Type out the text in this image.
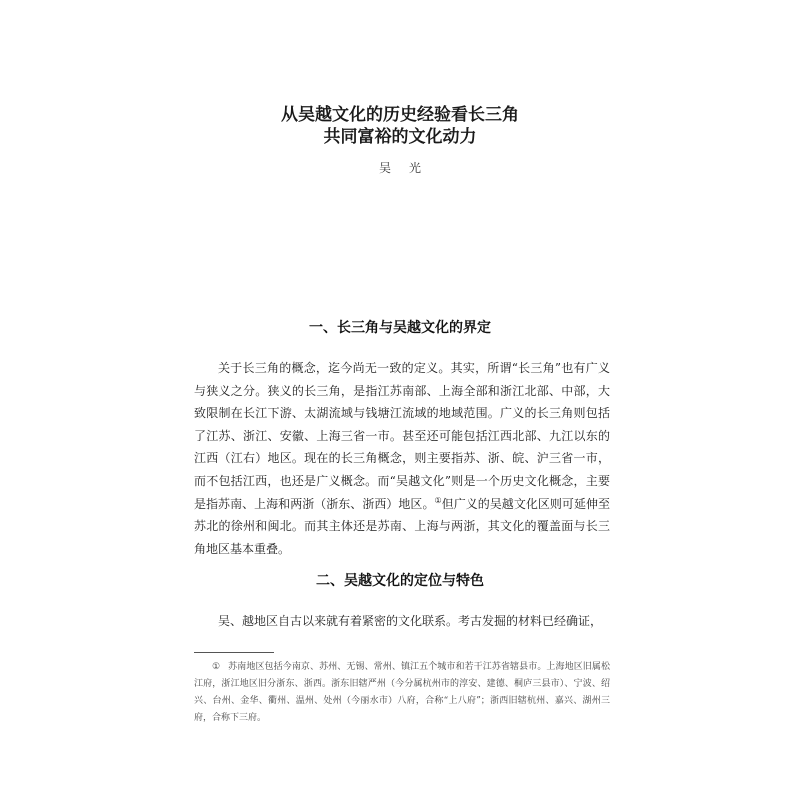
从吴越文化的历史经验看长三角
共同富裕的文化动力
吴光
一、长三角与吴越文化的界定

关于长三角的概念，迄今尚无一致的定义。其实，所谓“长三角”也有广义与狭义之分。狭义的长三角，是指江苏南部、上海全部和浙江北部、中部，大致限制在长江下游、太湖流域与钱塘江流域的地域范围。广义的长三角则包括了江苏、浙江、安徽、上海三省一市。甚至还可能包括江西北部、九江以东的江西（江右）地区。现在的长三角概念，则主要指苏、浙、皖、沪三省一市，而不包括江西，也还是广义概念。而“吴越文化”则是一个历史文化概念，主要是指苏南、上海和两浙（浙东、浙西）地区。①但广义的吴越文化区则可延伸至苏北的徐州和闽北。而其主体还是苏南、上海与两浙，其文化的覆盖面与长三角地区基本重叠。

二、吴越文化的定位与特色

吴、越地区自古以来就有着紧密的文化联系。考古发掘的材料已经确证，

① 苏南地区包括今南京、苏州、无锡、常州、镇江五个城市和若干江苏省辖县市。上海地区旧属松江府，浙江地区旧分浙东、浙西。浙东旧辖严州（今分属杭州市的淳安、建德、桐庐三县市）、宁波、绍兴、台州、金华、衢州、温州、处州（今丽水市）八府，合称“上八府”；浙西旧辖杭州、嘉兴、湖州三府，合称下三府。
